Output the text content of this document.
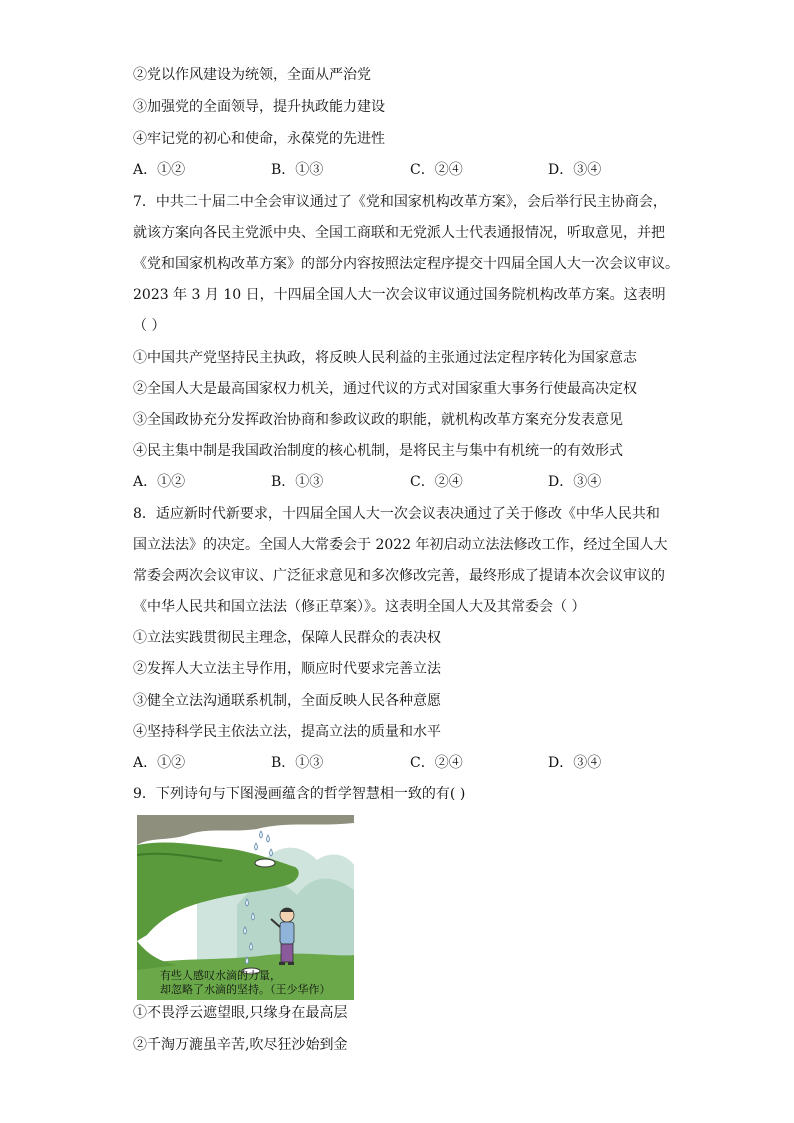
②党以作风建设为统领，全面从严治党
③加强党的全面领导，提升执政能力建设
④牢记党的初心和使命，永葆党的先进性
A．①②	B．①③	C．②④	D．③④
7．中共二十届二中全会审议通过了《党和国家机构改革方案》，会后举行民主协商会，
就该方案向各民主党派中央、全国工商联和无党派人士代表通报情况，听取意见，并把
《党和国家机构改革方案》的部分内容按照法定程序提交十四届全国人大一次会议审议。
2023 年 3 月 10 日，十四届全国人大一次会议审议通过国务院机构改革方案。这表明
（ ）
①中国共产党坚持民主执政，将反映人民利益的主张通过法定程序转化为国家意志
②全国人大是最高国家权力机关，通过代议的方式对国家重大事务行使最高决定权
③全国政协充分发挥政治协商和参政议政的职能，就机构改革方案充分发表意见
④民主集中制是我国政治制度的核心机制，是将民主与集中有机统一的有效形式
A．①②	B．①③	C．②④	D．③④
8．适应新时代新要求，十四届全国人大一次会议表决通过了关于修改《中华人民共和
国立法法》的决定。全国人大常委会于 2022 年初启动立法法修改工作，经过全国人大
常委会两次会议审议、广泛征求意见和多次修改完善，最终形成了提请本次会议审议的
《中华人民共和国立法法（修正草案）》。这表明全国人大及其常委会（ ）
①立法实践贯彻民主理念，保障人民群众的表决权
②发挥人大立法主导作用，顺应时代要求完善立法
③健全立法沟通联系机制，全面反映人民各种意愿
④坚持科学民主依法立法，提高立法的质量和水平
A．①②	B．①③	C．②④	D．③④
9．下列诗句与下图漫画蕴含的哲学智慧相一致的有( )
有些人感叹水滴的力量，
却忽略了水滴的坚持。（王少华作）
①不畏浮云遮望眼,只缘身在最高层
②千淘万漉虽辛苦,吹尽狂沙始到金
